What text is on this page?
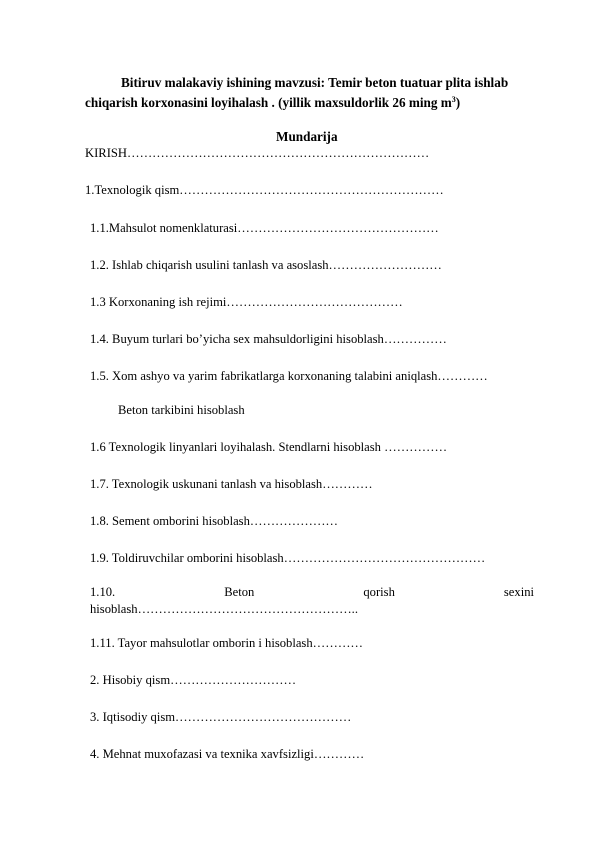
Bitiruv malakaviy ishining mavzusi: Temir beton tuatuar plita ishlab
chiqarish korxonasini loyihalash . (yillik maxsuldorlik 26 ming $m^3$)
Mundarija
KIRISH………………………………………………………………
1.Texnologik qism………………………………………………………
1.1.Mahsulot nomenklaturasi…………………………………………
1.2. Ishlab chiqarish usulini tanlash va asoslash………………………
1.3 Korxonaning ish rejimi……………………………………
1.4. Buyum turlari bo’yicha sex mahsuldorligini hisoblash……………
1.5. Xom ashyo va yarim fabrikatlarga korxonaning talabini aniqlash…………
Beton tarkibini hisoblash
1.6 Texnologik linyanlari loyihalash. Stendlarni hisoblash ……………
1.7. Texnologik uskunani tanlash va hisoblash…………
1.8. Sement omborini hisoblash…………………
1.9. Toldiruvchilar omborini hisoblash…………………………………………
1.10.	Beton	qorish	sexini
hisoblash……………………………………………..
1.11. Tayor mahsulotlar omborin i hisoblash…………
2. Hisobiy qism…………………………
3. Iqtisodiy qism……………………………………
4. Mehnat muxofazasi va texnika xavfsizligi…………
